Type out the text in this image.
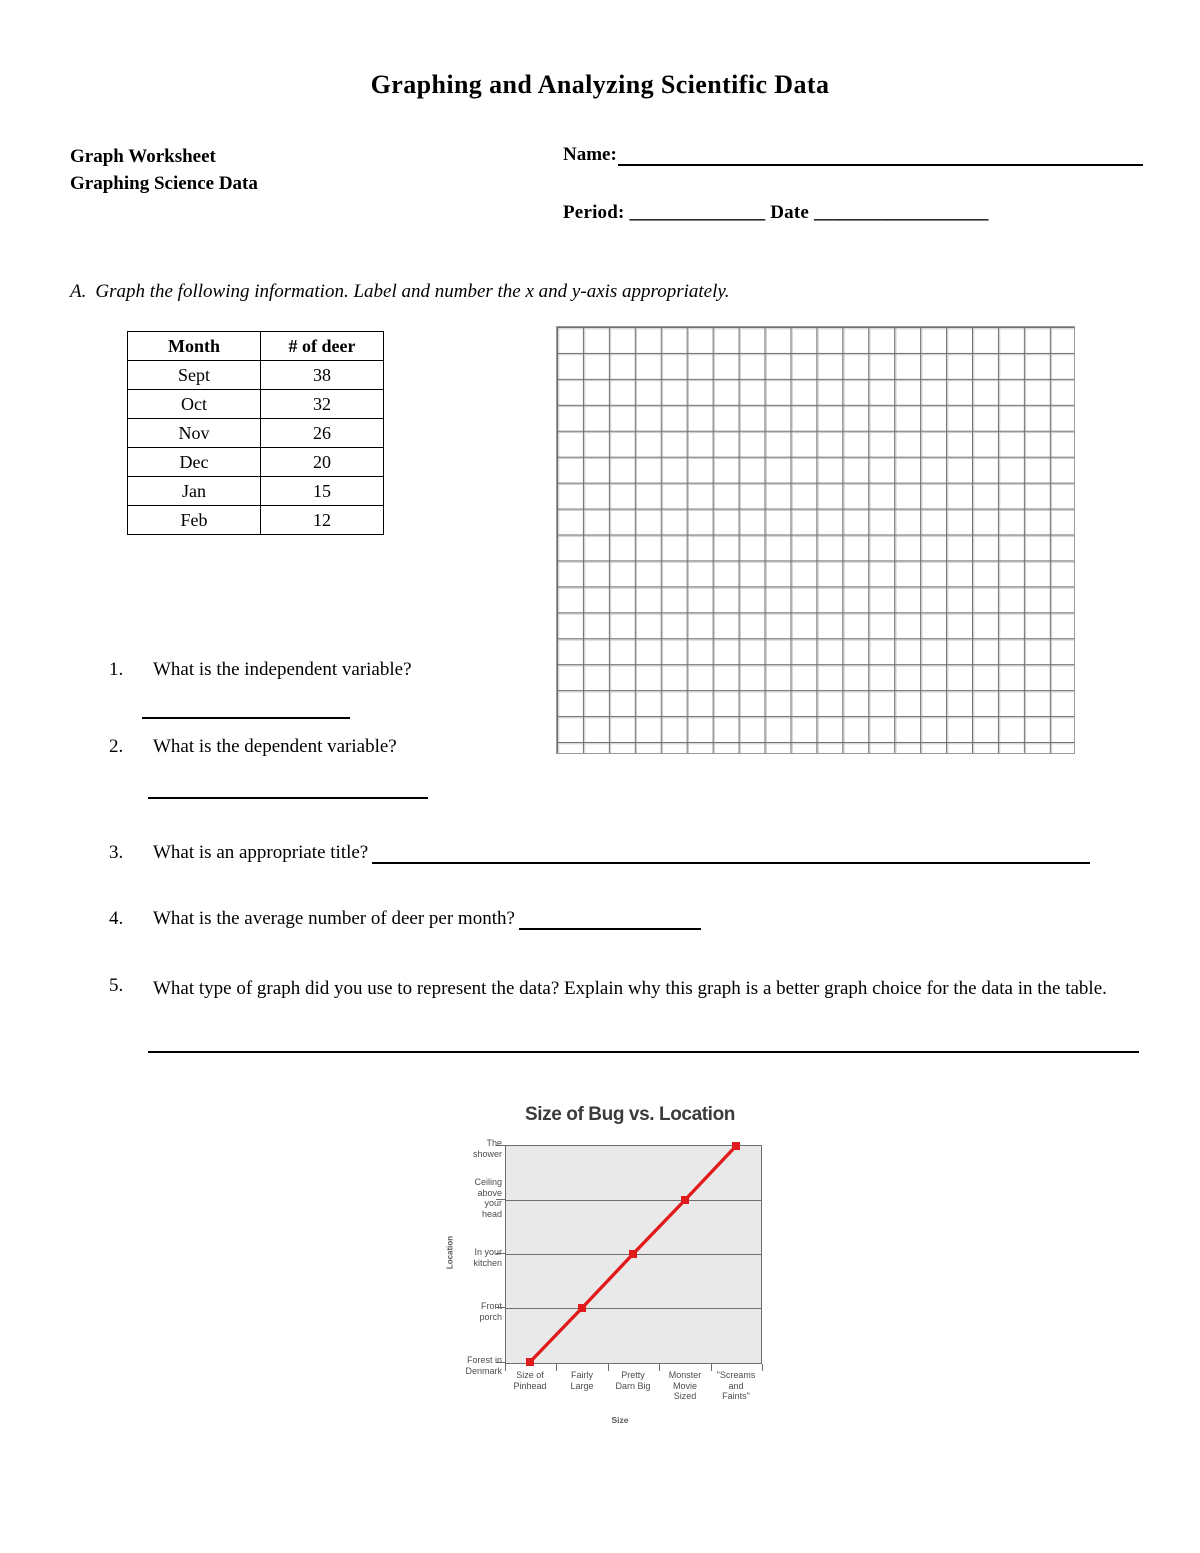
Graphing and Analyzing Scientific Data
Graph Worksheet
Graphing Science Data
Name:
Period: ______________ Date __________________
A. Graph the following information. Label and number the x and y-axis appropriately.
Month	# of deer
Sept	38
Oct	32
Nov	26
Dec	20
Jan	15
Feb	12
1.	What is the independent variable?
2.	What is the dependent variable?
3.	What is an appropriate title?
4.	What is the average number of deer per month?
5.	What type of graph did you use to represent the data? Explain why this graph is a better graph choice for the data in the table.
Size of Bug vs. Location
Location
Size
The
shower
Ceiling
above
your
head
In your
kitchen
Front
porch
Forest in
Denmark	Size of
Pinhead
Fairly
Large
Pretty
Darn Big
Monster
Movie
Sized
"Screams
and
Faints"
